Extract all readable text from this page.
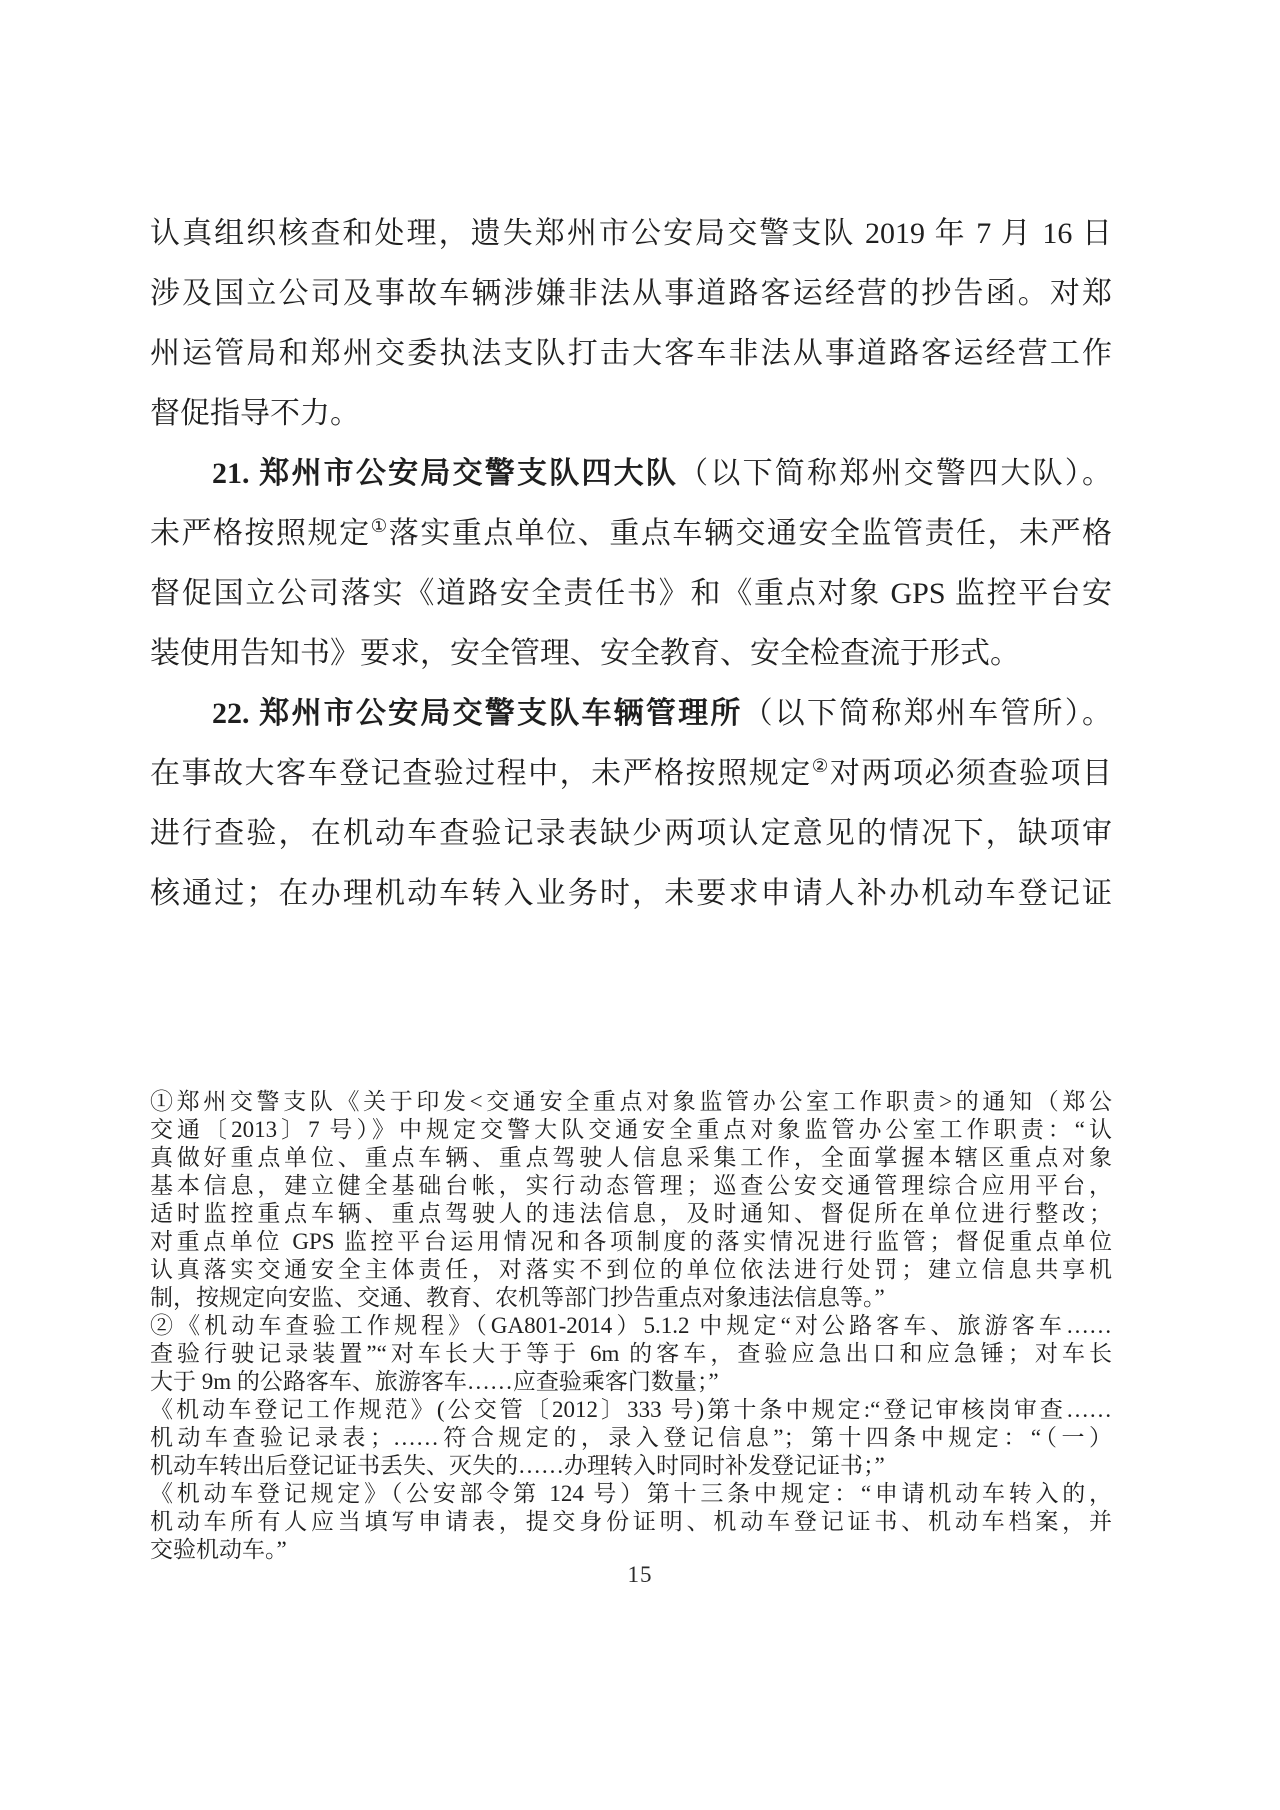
认真组织核查和处理，遗失郑州市公安局交警支队 2019 年 7 月 16 日
涉及国立公司及事故车辆涉嫌非法从事道路客运经营的抄告函。对郑
州运管局和郑州交委执法支队打击大客车非法从事道路客运经营工作
督促指导不力。
21. 郑州市公安局交警支队四大队（以下简称郑州交警四大队）。
未严格按照规定①落实重点单位、重点车辆交通安全监管责任，未严格
督促国立公司落实《道路安全责任书》和《重点对象 GPS 监控平台安
装使用告知书》要求，安全管理、安全教育、安全检查流于形式。
22. 郑州市公安局交警支队车辆管理所（以下简称郑州车管所）。
在事故大客车登记查验过程中，未严格按照规定②对两项必须查验项目
进行查验，在机动车查验记录表缺少两项认定意见的情况下，缺项审
核通过；在办理机动车转入业务时，未要求申请人补办机动车登记证
①郑州交警支队《关于印发<交通安全重点对象监管办公室工作职责>的通知（郑公
交通〔2013〕7 号）》中规定交警大队交通安全重点对象监管办公室工作职责：“认
真做好重点单位、重点车辆、重点驾驶人信息采集工作，全面掌握本辖区重点对象
基本信息，建立健全基础台帐，实行动态管理；巡查公安交通管理综合应用平台，
适时监控重点车辆、重点驾驶人的违法信息，及时通知、督促所在单位进行整改；
对重点单位 GPS 监控平台运用情况和各项制度的落实情况进行监管；督促重点单位
认真落实交通安全主体责任，对落实不到位的单位依法进行处罚；建立信息共享机
制，按规定向安监、交通、教育、农机等部门抄告重点对象违法信息等。”
②《机动车查验工作规程》（GA801-2014）5.1.2 中规定“对公路客车、旅游客车……
查验行驶记录装置”“对车长大于等于 6m 的客车，查验应急出口和应急锤；对车长
大于 9m 的公路客车、旅游客车……应查验乘客门数量；”
《机动车登记工作规范》(公交管〔2012〕333 号)第十条中规定:“登记审核岗审查……
机动车查验记录表；……符合规定的，录入登记信息”；第十四条中规定：“（一）
机动车转出后登记证书丢失、灭失的……办理转入时同时补发登记证书；”
《机动车登记规定》（公安部令第 124 号）第十三条中规定：“申请机动车转入的，
机动车所有人应当填写申请表，提交身份证明、机动车登记证书、机动车档案，并
交验机动车。”
15
